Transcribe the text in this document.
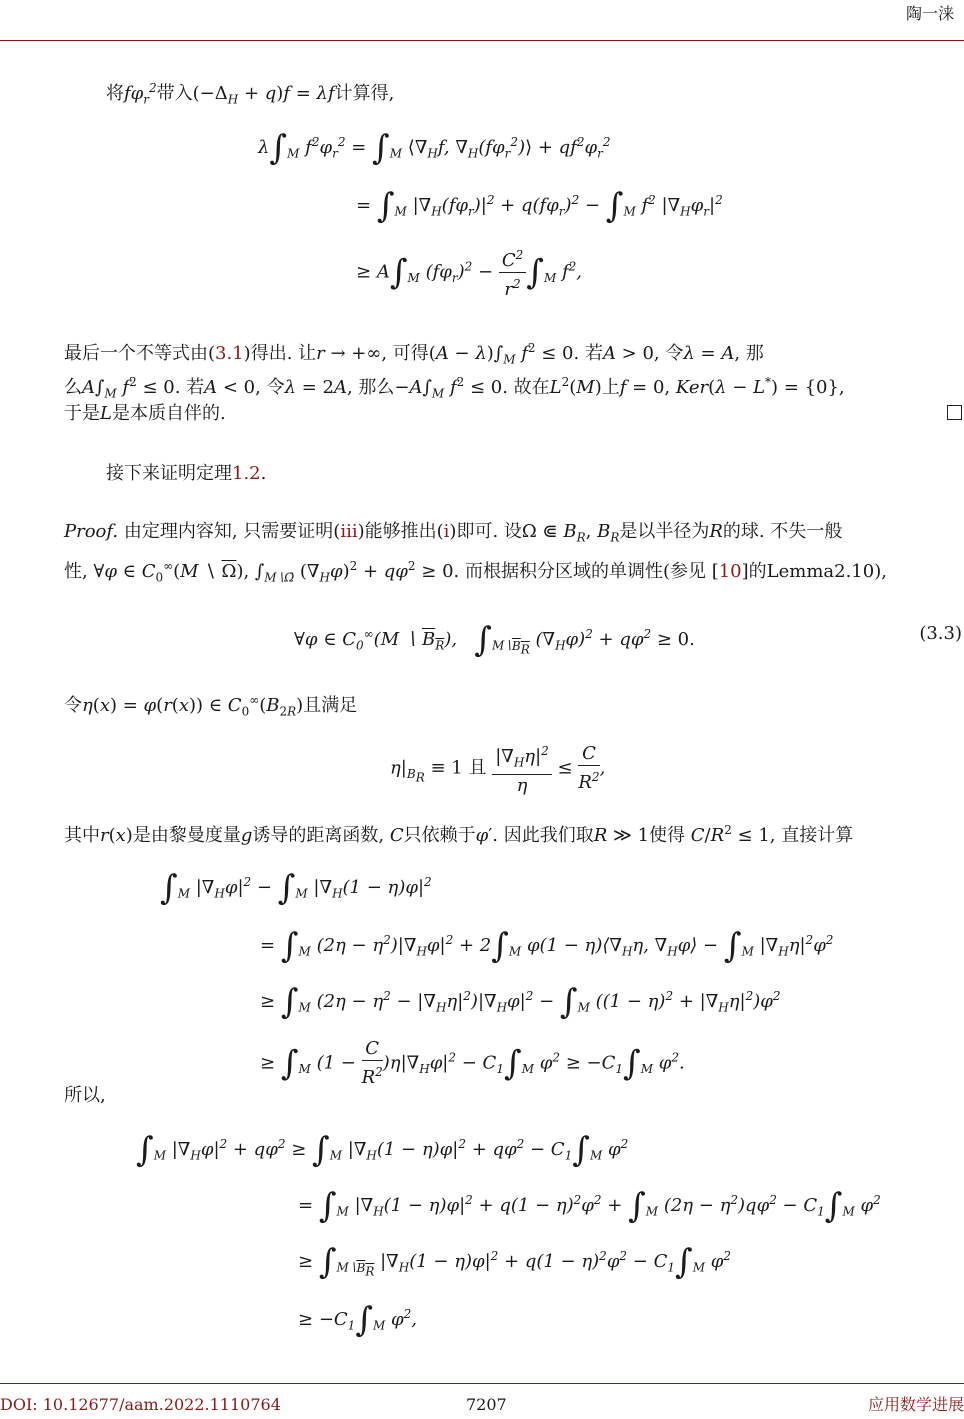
陶一涞
将$f\varphi_r^2$带入$(-\Delta_H + q)f = \lambda f$计算得,
$\lambda\int_M$ $f^2\varphi_r^2 = \int_M$ $⟨\nabla_Hf$, $\nabla_H(f\varphi_r^2)⟩ + qf^2\varphi_r^2$
= $\int_M$ $|\nabla_H(f\varphi_r)|^2 + q(f\varphi_r)^2 - \int_M$ $f^2$ $|\nabla_H\varphi_r|^2$
≥ $A\int_M$ $(f\varphi_r)^2 - \frac{C^2}{r^2} \int_M$ $f^2$,
最后一个不等式由(3.1)得出. 让r → +∞, 可得$(A - \lambda)\int_M$ $f^2 \le 0$. 若A > 0, 令λ = A, 那
么$A\int_M$ $f^2 \le 0$. 若A < 0, 令λ = 2A, 那么$-A\int_M$ $f^2 \le 0$. 故在$L^2(M)$上f = 0, Ker(λ − L*) = {0},
于是L是本质自伴的.
接下来证明定理1.2.
Proof. 由定理内容知, 只需要证明(iii)能够推出(i)即可. 设Ω ⋐ $B_R$, $B_R$是以半径为R的球. 不失一般
性, ∀φ ∈ $C_0^\infty(M$ ∖ $\overline{\Omega}$), $\int_{M∖\Omegā}$ $(\nabla_H\varphi)^2 + q\varphi^2 \ge 0$. 而根据积分区域的单调性(参见 [10]的Lemma2.10),
∀φ ∈ $C_0^\infty(M$ ∖ $B_R$),   $\int_{M∖B_R}$ $(\nabla_H\varphi)^2 + q\varphi^2 \ge 0$.	(3.3)
令η(x) = φ(r(x)) ∈ $C_0^\infty(B_{2R})$且满足
$\eta|_{B_R} \equiv 1$ 且 $\frac{|\nabla_H\eta|^2}{\eta} \le \frac{C}{R^2}$ ,
其中r(x)是由黎曼度量g诱导的距离函数, C只依赖于φ′. 因此我们取R ≫ 1使得 $C/R^2 \le 1$, 直接计算
$\int_M$ $|\nabla_H\varphi|^2 - \int_M$ $|\nabla_H(1 - \eta)\varphi|^2$
= $\int_M$ $(2\eta - \eta^2)|\nabla_H\varphi|^2 + 2\int_M$ $\varphi(1 - \eta)⟨\nabla_H\eta$, $\nabla_H\varphi⟩ - \int_M$ $|\nabla_H\eta|^2\varphi^2$
≥ $\int_M$ $(2\eta - \eta^2 - |\nabla_H\eta|^2)|\nabla_H\varphi|^2 - \int_M$ $((1 - \eta)^2 + |\nabla_H\eta|^2)\varphi^2$
≥ $\int_M$ $(1 - \frac{C}{R^2} )\eta|\nabla_H\varphi|^2 - C_1\int_M$ $\varphi^2 \ge -C_1\int_M$ $\varphi^2$.
所以,
$\int_M$ $|\nabla_H\varphi|^2 + q\varphi^2 \ge \int_M$ $|\nabla_H(1 - \eta)\varphi|^2 + q\varphi^2 - C_1\int_M$ $\varphi^2$
= $\int_M$ $|\nabla_H(1 - \eta)\varphi|^2 + q(1 - \eta)^2\varphi^2 + \int_M$ $(2\eta - \eta^2)q\varphi^2 - C_1\int_M$ $\varphi^2$
≥ $\int_{M∖B_R}$ $|\nabla_H(1 - \eta)\varphi|^2 + q(1 - \eta)^2\varphi^2 - C_1\int_M$ $\varphi^2$
≥ $-C_1\int_M$ $\varphi^2$,
DOI: 10.12677/aam.2022.1110764	7207	应用数学进展
